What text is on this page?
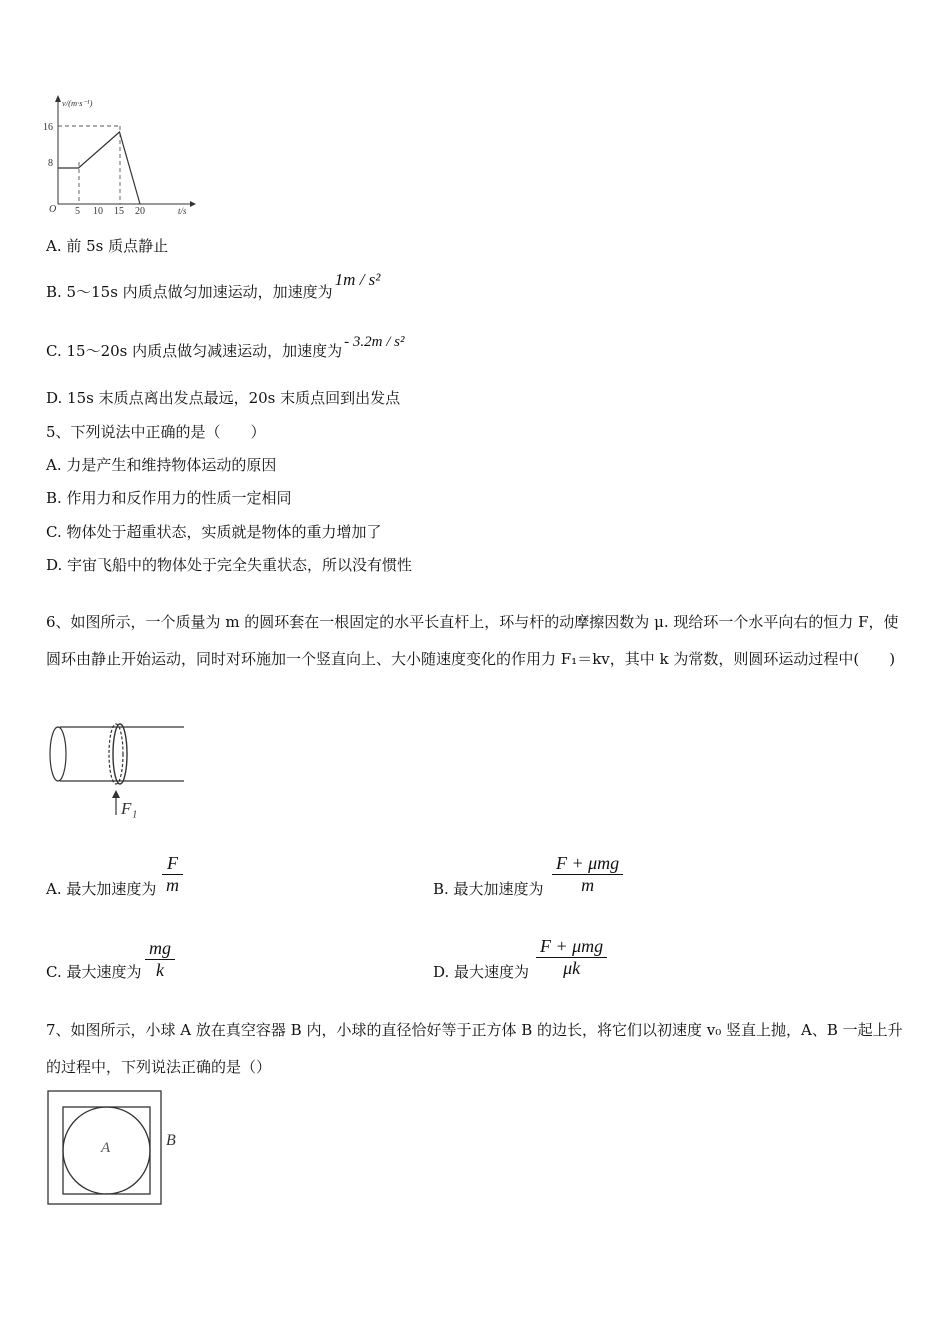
v/(m·s⁻¹)
t/s
O
16
8
5 10 15 20
A. 前 5s 质点静止
B. 5～15s 内质点做匀加速运动，加速度为1m / s²
C. 15～20s 内质点做匀减速运动，加速度为 - 3.2m / s²
D. 15s 末质点离出发点最远，20s 末质点回到出发点
5、下列说法中正确的是（　　）
A. 力是产生和维持物体运动的原因
B. 作用力和反作用力的性质一定相同
C. 物体处于超重状态，实质就是物体的重力增加了
D. 宇宙飞船中的物体处于完全失重状态，所以没有惯性
6、如图所示，一个质量为 m 的圆环套在一根固定的水平长直杆上，环与杆的动摩擦因数为 μ. 现给环一个水平向右的恒力 F，使圆环由静止开始运动，同时对环施加一个竖直向上、大小随速度变化的作用力 F₁＝kv，其中 k 为常数，则圆环运动过程中(　　)
F₁
A. 最大加速度为
F
m	B. 最大加速度为
F + μmg
m
C. 最大速度为
mg
k	D. 最大速度为
F + μmg
μk
7、如图所示，小球 A 放在真空容器 B 内，小球的直径恰好等于正方体 B 的边长，将它们以初速度 v₀ 竖直上抛，A、B 一起上升的过程中，下列说法正确的是（）
A	B
